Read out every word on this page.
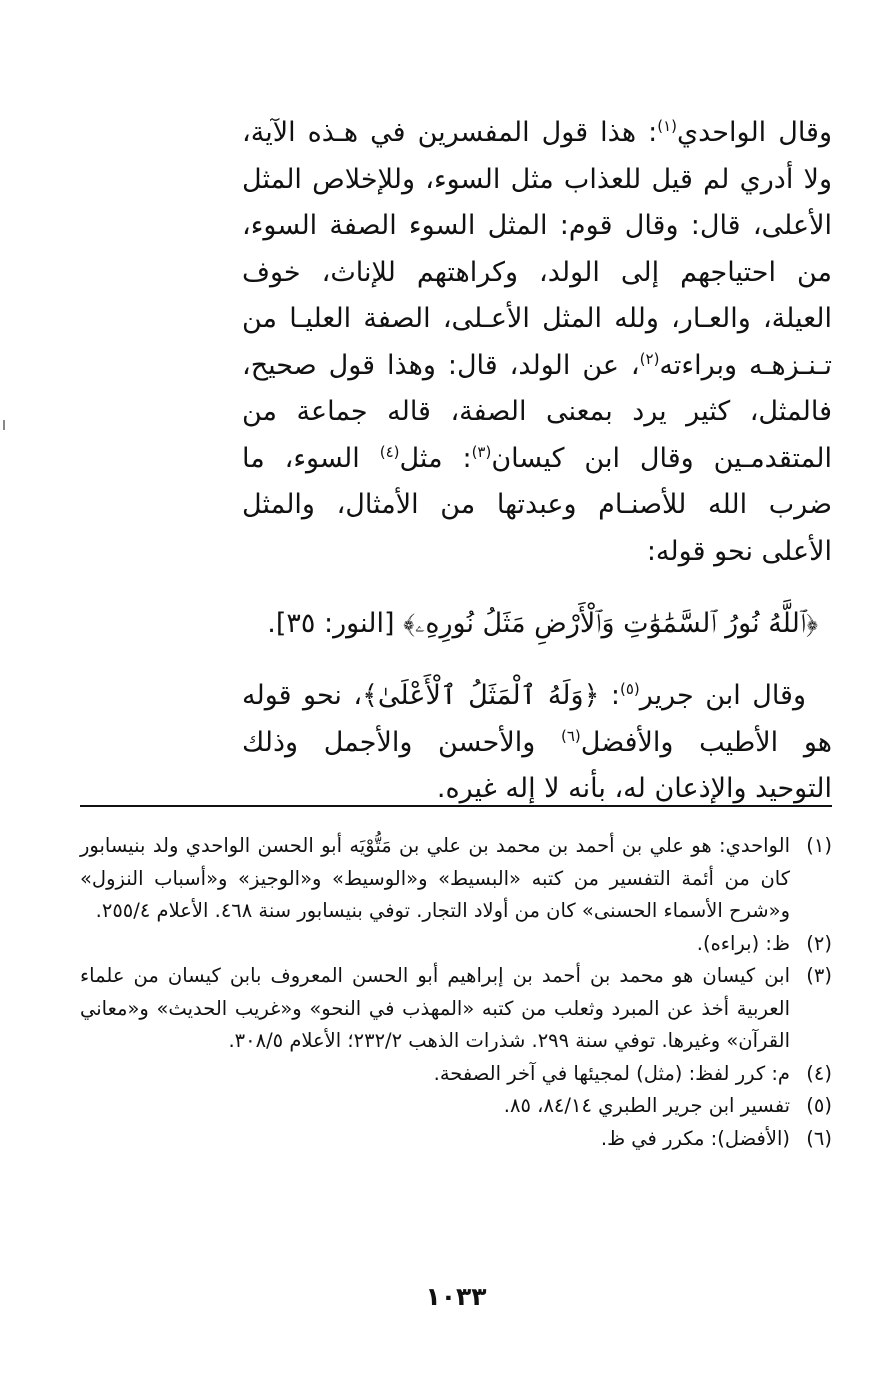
وقال الواحدي$^{(١)}$: هذا قول المفسرين في هـذه الآية، ولا أدري لم قيل للعذاب مثل السوء، وللإخلاص المثل الأعلى، قال: وقال قوم: المثل السوء الصفة السوء، من احتياجهم إلى الولد، وكراهتهم للإناث، خوف العيلة، والعـار، ولله المثل الأعـلى، الصفة العليـا من تـنـزهـه وبراءته$^{(٢)}$، عن الولد، قال: وهذا قول صحيح، فالمثل، كثير يرد بمعنى الصفة، قاله جماعة من المتقدمـين وقال ابن كيسان$^{(٣)}$: مثل$^{(٤)}$ السوء، ما ضرب الله للأصنـام وعبدتها من الأمثال، والمثل الأعلى نحو قوله:

﴿ٱللَّهُ نُورُ ٱلسَّمَٰوَٰتِ وَٱلْأَرْضِ مَثَلُ نُورِهِۦ﴾ [النور: ٣٥].

وقال ابن جرير$^{(٥)}$: ﴿وَلَهُ ٱلْمَثَلُ ٱلْأَعْلَىٰ﴾، نحو قوله هو الأطيب والأفضل$^{(٦)}$ والأحسن والأجمل وذلك التوحيد والإذعان له، بأنه لا إله غيره.

(١)
الواحدي: هو علي بن أحمد بن محمد بن علي بن مَتُّوْيَه أبو الحسن الواحدي ولد بنيسابور كان من أئمة التفسير من كتبه «البسيط» و«الوسيط» و«الوجيز» و«أسباب النزول» و«شرح الأسماء الحسنى» كان من أولاد التجار. توفي بنيسابور سنة ٤٦٨. الأعلام ٢٥٥/٤.
(٢)
ظ: (براءه).
(٣)
ابن كيسان هو محمد بن أحمد بن إبراهيم أبو الحسن المعروف بابن كيسان من علماء العربية أخذ عن المبرد وثعلب من كتبه «المهذب في النحو» و«غريب الحديث» و«معاني القرآن» وغيرها. توفي سنة ٢٩٩. شذرات الذهب ٢٣٢/٢؛ الأعلام ٣٠٨/٥.
(٤)
م: كرر لفظ: (مثل) لمجيئها في آخر الصفحة.
(٥)
تفسير ابن جرير الطبري ٨٤/١٤، ٨٥.
(٦)
(الأفضل): مكرر في ظ.
١٠٣٣
